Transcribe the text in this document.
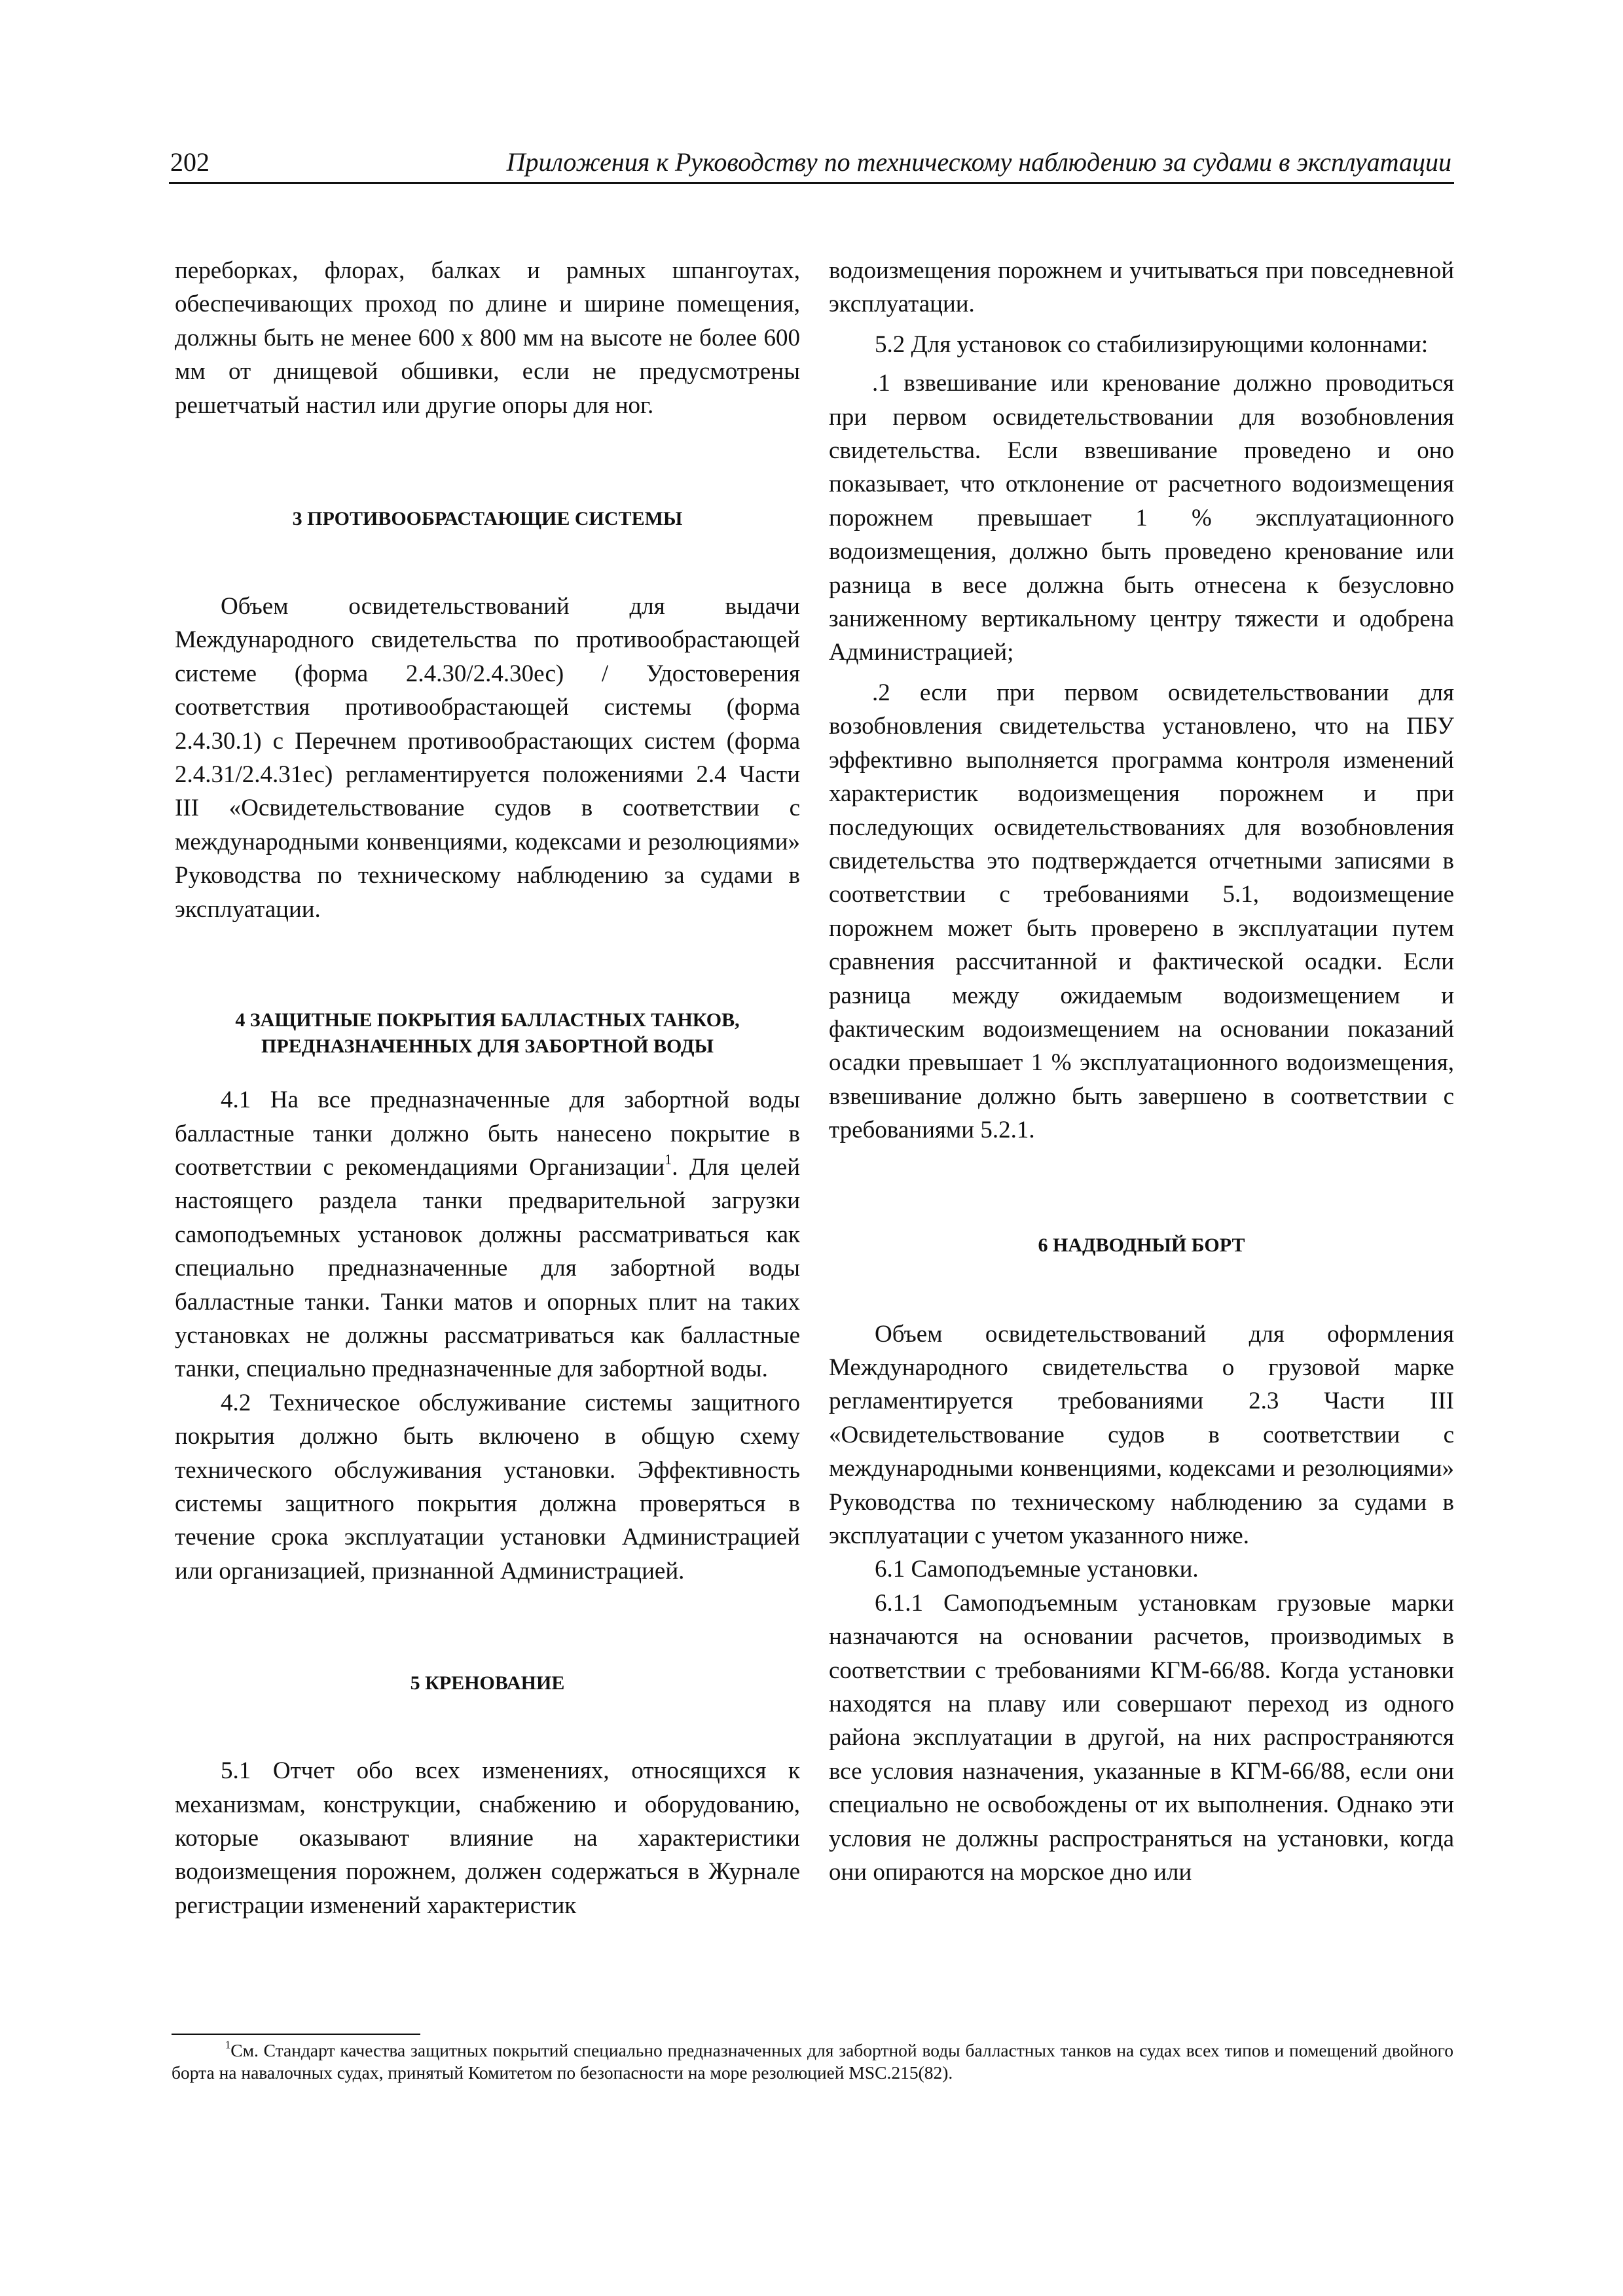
202	Приложения к Руководству по техническому наблюдению за судами в эксплуатации

переборках, флорах, балках и рамных шпангоутах, обеспечивающих проход по длине и ширине помещения, должны быть не менее 600 х 800 мм на высоте не более 600 мм от днищевой обшивки, если не предусмотрены решетчатый настил или другие опоры для ног.

3 ПРОТИВООБРАСТАЮЩИЕ СИСТЕМЫ

Объем освидетельствований для выдачи Международного свидетельства по противообрастающей системе (форма 2.4.30/2.4.30ес) / Удостоверения соответствия противообрастающей системы (форма 2.4.30.1) с Перечнем противообрастающих систем (форма 2.4.31/2.4.31ес) регламентируется положениями 2.4 Части III «Освидетельствование судов в соответствии с международными конвенциями, кодексами и резолюциями» Руководства по техническому наблюдению за судами в эксплуатации.

4 ЗАЩИТНЫЕ ПОКРЫТИЯ БАЛЛАСТНЫХ ТАНКОВ,
ПРЕДНАЗНАЧЕННЫХ ДЛЯ ЗАБОРТНОЙ ВОДЫ

4.1 На все предназначенные для забортной воды балластные танки должно быть нанесено покрытие в соответствии с рекомендациями Организации$^1$. Для целей настоящего раздела танки предварительной загрузки самоподъемных установок должны рассматриваться как специально предназначенные для забортной воды балластные танки. Танки матов и опорных плит на таких установках не должны рассматриваться как балластные танки, специально предназначенные для забортной воды.

4.2 Техническое обслуживание системы защитного покрытия должно быть включено в общую схему технического обслуживания установки. Эффективность системы защитного покрытия должна проверяться в течение срока эксплуатации установки Администрацией или организацией, признанной Администрацией.

5 КРЕНОВАНИЕ

5.1 Отчет обо всех изменениях, относящихся к механизмам, конструкции, снабжению и оборудованию, которые оказывают влияние на характеристики водоизмещения порожнем, должен содержаться в Журнале регистрации изменений характеристик

водоизмещения порожнем и учитываться при повседневной эксплуатации.

5.2 Для установок со стабилизирующими колоннами:

.1 взвешивание или кренование должно проводиться при первом освидетельствовании для возобновления свидетельства. Если взвешивание проведено и оно показывает, что отклонение от расчетного водоизмещения порожнем превышает 1 % эксплуатационного водоизмещения, должно быть проведено кренование или разница в весе должна быть отнесена к безусловно заниженному вертикальному центру тяжести и одобрена Администрацией;

.2 если при первом освидетельствовании для возобновления свидетельства установлено, что на ПБУ эффективно выполняется программа контроля изменений характеристик водоизмещения порожнем и при последующих освидетельствованиях для возобновления свидетельства это подтверждается отчетными записями в соответствии с требованиями 5.1, водоизмещение порожнем может быть проверено в эксплуатации путем сравнения рассчитанной и фактической осадки. Если разница между ожидаемым водоизмещением и фактическим водоизмещением на основании показаний осадки превышает 1 % эксплуатационного водоизмещения, взвешивание должно быть завершено в соответствии с требованиями 5.2.1.

6 НАДВОДНЫЙ БОРТ

Объем освидетельствований для оформления Международного свидетельства о грузовой марке регламентируется требованиями 2.3 Части III «Освидетельствование судов в соответствии с международными конвенциями, кодексами и резолюциями» Руководства по техническому наблюдению за судами в эксплуатации с учетом указанного ниже.

6.1 Самоподъемные установки.

6.1.1 Самоподъемным установкам грузовые марки назначаются на основании расчетов, производимых в соответствии с требованиями КГМ-66/88. Когда установки находятся на плаву или совершают переход из одного района эксплуатации в другой, на них распространяются все условия назначения, указанные в КГМ-66/88, если они специально не освобождены от их выполнения. Однако эти условия не должны распространяться на установки, когда они опираются на морское дно или

$^1$См. Стандарт качества защитных покрытий специально предназначенных для забортной воды балластных танков на судах всех типов и помещений двойного борта на навалочных судах, принятый Комитетом по безопасности на море резолюцией MSC.215(82).
